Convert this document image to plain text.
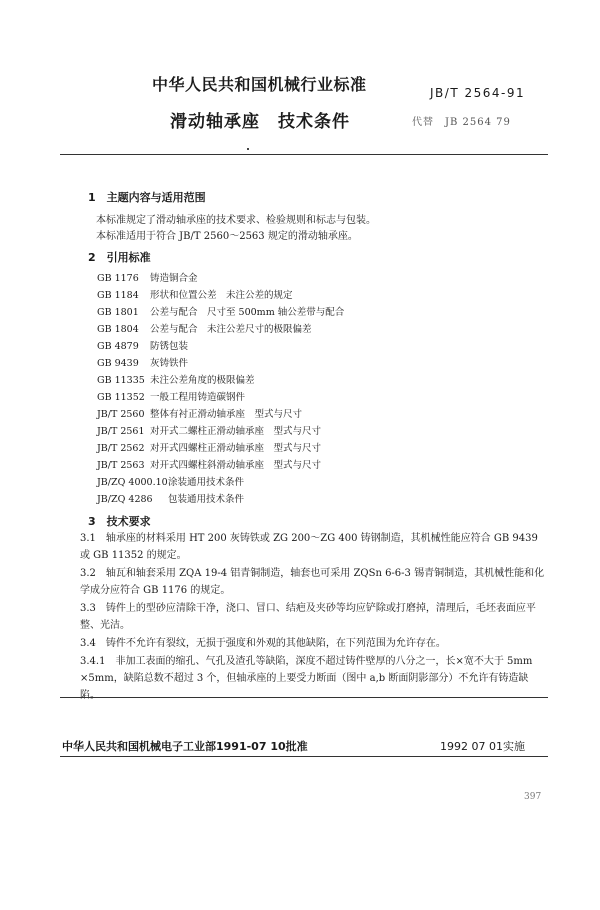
中华人民共和国机械行业标准	JB/T 2564-91
滑动轴承座　技术条件	代替　JB 2564 79
1　主题内容与适用范围
本标准规定了滑动轴承座的技术要求、检验规则和标志与包装。
本标准适用于符合 JB/T 2560～2563 规定的滑动轴承座。
2　引用标准
GB 1176 铸造铜合金
GB 1184 形状和位置公差　未注公差的规定
GB 1801 公差与配合　尺寸至 500mm 轴公差带与配合
GB 1804 公差与配合　未注公差尺寸的极限偏差
GB 4879 防锈包装
GB 9439 灰铸铁件
GB 11335 未注公差角度的极限偏差
GB 11352 一般工程用铸造碳钢件
JB/T 2560 整体有衬正滑动轴承座　型式与尺寸
JB/T 2561 对开式二螺柱正滑动轴承座　型式与尺寸
JB/T 2562 对开式四螺柱正滑动轴承座　型式与尺寸
JB/T 2563 对开式四螺柱斜滑动轴承座　型式与尺寸
JB/ZQ 4000.10 涂装通用技术条件
JB/ZQ 4286 包装通用技术条件
3　技术要求
3.1　轴承座的材料采用 HT 200 灰铸铁或 ZG 200～ZG 400 铸钢制造，其机械性能应符合 GB 9439 或 GB 11352 的规定。
3.2　轴瓦和轴套采用 ZQA 19-4 铝青铜制造，轴套也可采用 ZQSn 6-6-3 锡青铜制造，其机械性能和化学成分应符合 GB 1176 的规定。
3.3　铸件上的型砂应清除干净，浇口、冒口、结疤及夹砂等均应铲除或打磨掉，清理后，毛坯表面应平整、光洁。
3.4　铸件不允许有裂纹，无损于强度和外观的其他缺陷，在下列范围为允许存在。
3.4.1　非加工表面的缩孔、气孔及渣孔等缺陷，深度不超过铸件壁厚的八分之一，长×宽不大于 5mm ×5mm，缺陷总数不超过 3 个，但轴承座的上要受力断面（图中 a,b 断面阴影部分）不允许有铸造缺陷。
中华人民共和国机械电子工业部1991-07 10批准	1992 07 01实施
397
